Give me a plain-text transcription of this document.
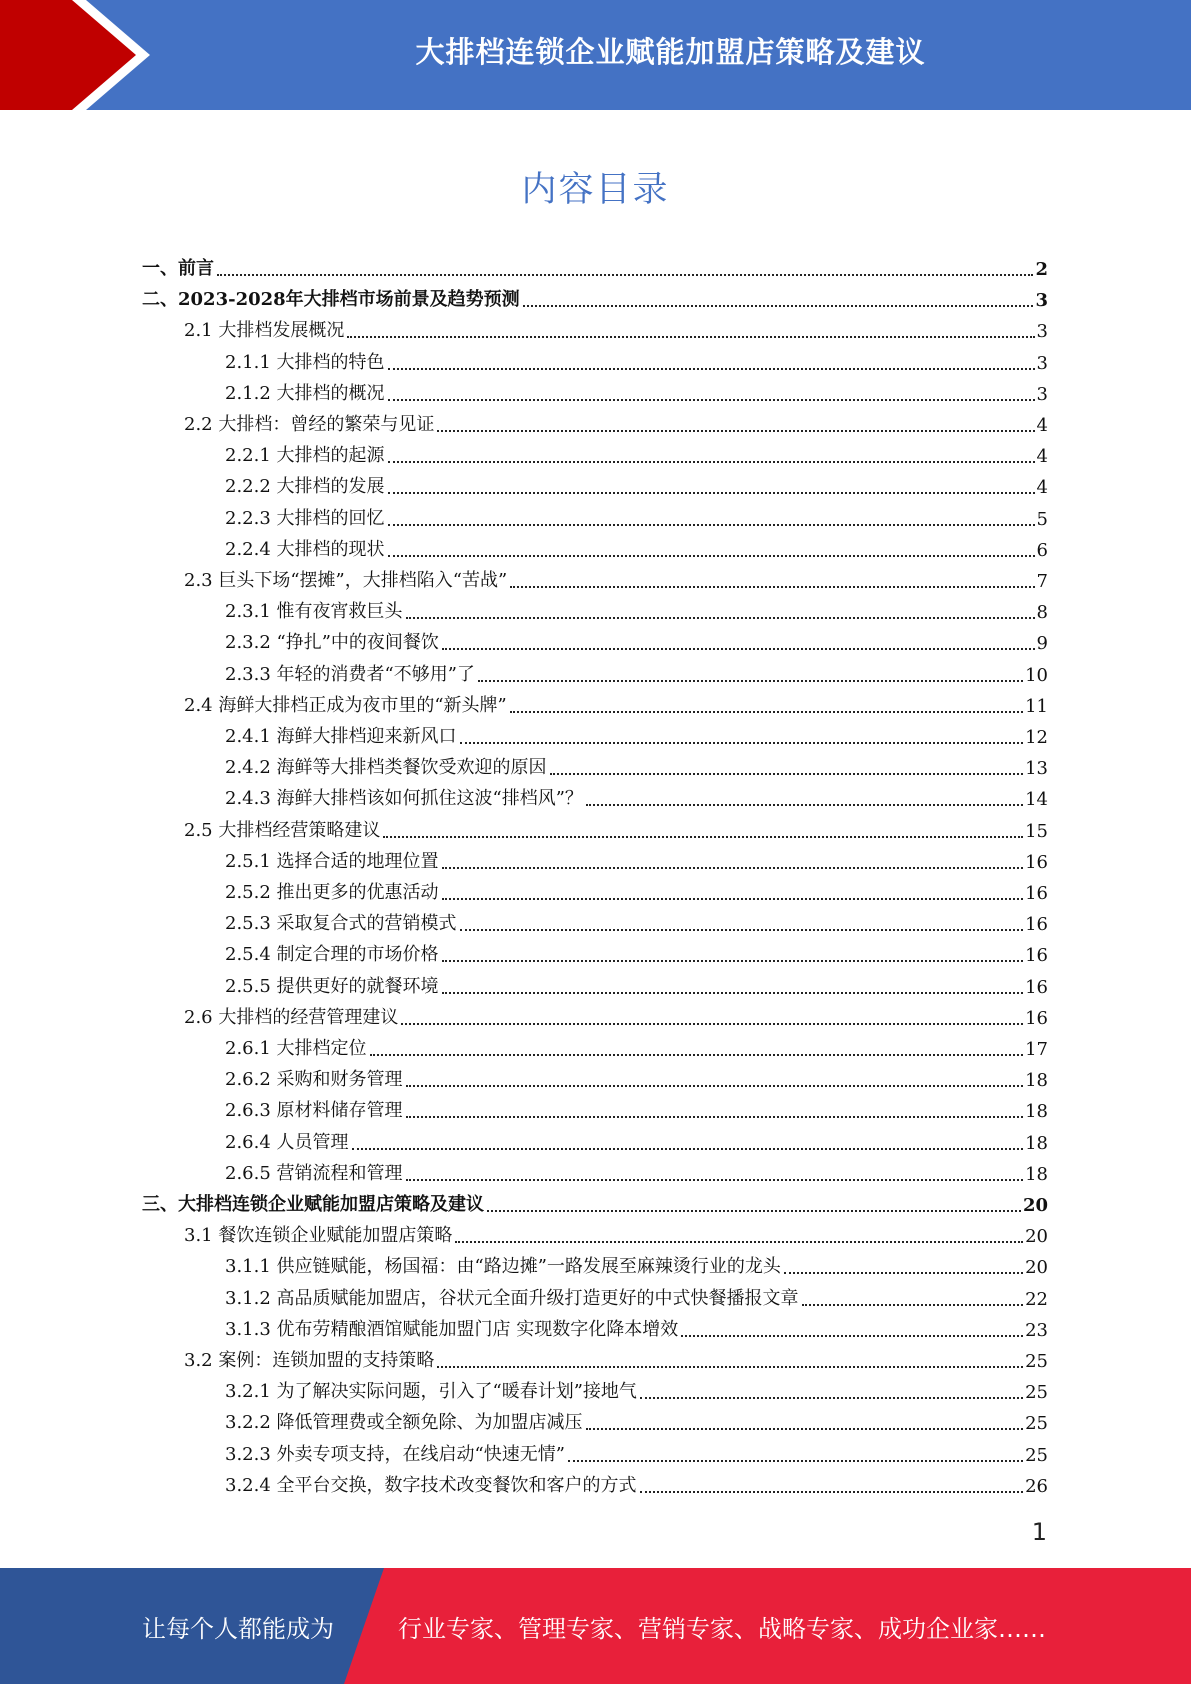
大排档连锁企业赋能加盟店策略及建议
内容目录
一、前言	2
二、2023-2028年大排档市场前景及趋势预测	3
2.1 大排档发展概况	3
2.1.1 大排档的特色	3
2.1.2 大排档的概况	3
2.2 大排档：曾经的繁荣与见证	4
2.2.1 大排档的起源	4
2.2.2 大排档的发展	4
2.2.3 大排档的回忆	5
2.2.4 大排档的现状	6
2.3 巨头下场“摆摊”，大排档陷入“苦战”	7
2.3.1 惟有夜宵救巨头	8
2.3.2 “挣扎”中的夜间餐饮	9
2.3.3 年轻的消费者“不够用”了	10
2.4 海鲜大排档正成为夜市里的“新头牌”	11
2.4.1 海鲜大排档迎来新风口	12
2.4.2 海鲜等大排档类餐饮受欢迎的原因	13
2.4.3 海鲜大排档该如何抓住这波“排档风”？	14
2.5 大排档经营策略建议	15
2.5.1 选择合适的地理位置	16
2.5.2 推出更多的优惠活动	16
2.5.3 采取复合式的营销模式	16
2.5.4 制定合理的市场价格	16
2.5.5 提供更好的就餐环境	16
2.6 大排档的经营管理建议	16
2.6.1 大排档定位	17
2.6.2 采购和财务管理	18
2.6.3 原材料储存管理	18
2.6.4 人员管理	18
2.6.5 营销流程和管理	18
三、大排档连锁企业赋能加盟店策略及建议	20
3.1 餐饮连锁企业赋能加盟店策略	20
3.1.1 供应链赋能，杨国福：由“路边摊”一路发展至麻辣烫行业的龙头	20
3.1.2 高品质赋能加盟店，谷状元全面升级打造更好的中式快餐播报文章	22
3.1.3 优布劳精酿酒馆赋能加盟门店 实现数字化降本增效	23
3.2 案例：连锁加盟的支持策略	25
3.2.1 为了解决实际问题，引入了“暖春计划”接地气	25
3.2.2 降低管理费或全额免除、为加盟店减压	25
3.2.3 外卖专项支持，在线启动“快速无情”	25
3.2.4 全平台交换，数字技术改变餐饮和客户的方式	26
1
让每个人都能成为	行业专家、管理专家、营销专家、战略专家、成功企业家……
